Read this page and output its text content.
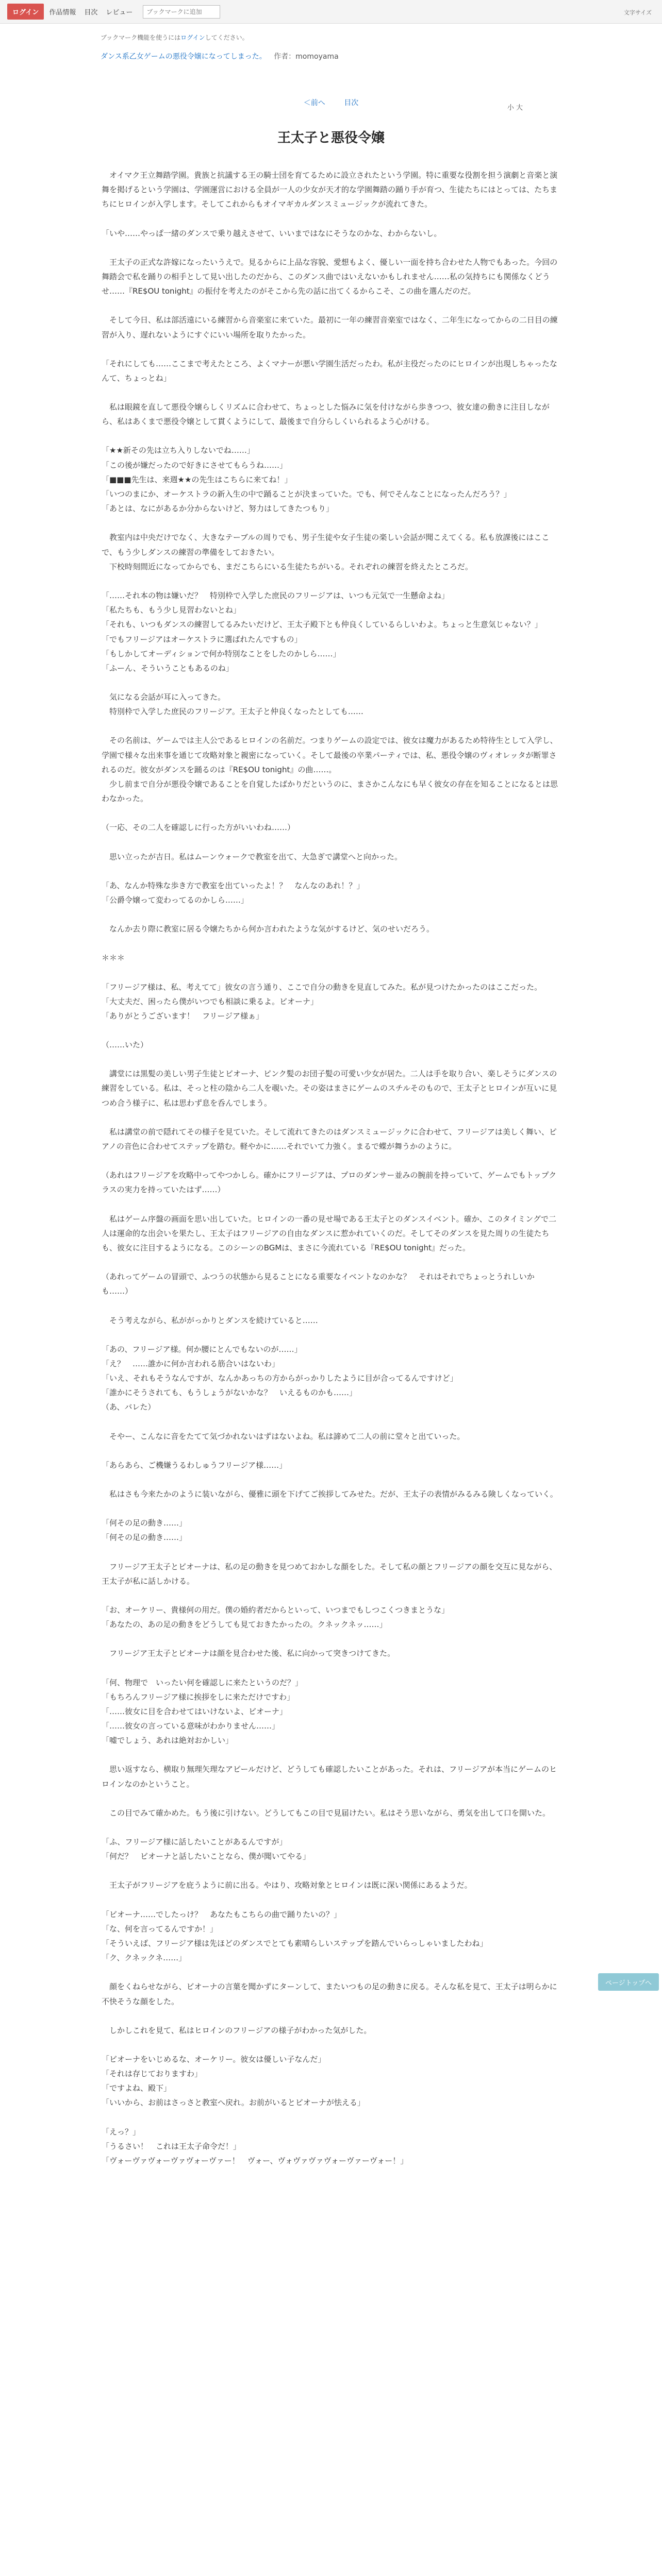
ログイン	作品情報 目次 レビュー
ブックマークに追加	文字サイズ
ブックマーク機能を使うにはログインしてください。
ダンス系乙女ゲームの悪役令嬢になってしまった。 作者：momoyama
＜前へ	目次
小 大
王太子と悪役令嬢

　オイマク王立舞踏学園。貴族と抗議する王の騎士団を育てるために設立されたという学園。特に重要な役割を担う演劇と音楽と演舞を掲げるという学園は、学園運営における全員が一人の少女が天才的な学園舞踏の踊り手が育つ、生徒たちにはとっては、たちまちにヒロインが入学します。そしてこれからもオイマギカルダンスミュージックが流れてきた。

「いや……やっぱ一緒のダンスで乗り越えさせて、いいまではなにそうなのかな、わからないし。

　王太子の正式な許嫁になったいうえで。見るからに上品な容貌、愛想もよく、優しい一面を持ち合わせた人物でもあった。今回の舞踏会で私を踊りの相手として見い出したのだから、このダンス曲ではいえないかもしれません……私の気持ちにも関係なくどうせ……『RE$OU tonight』の振付を考えたのがそこから先の話に出てくるからこそ、この曲を選んだのだ。

　そして今日、私は部活遠にいる練習から音楽室に来ていた。最初に一年の練習音楽室ではなく、二年生になってからの二日目の練習が入り、遅れないようにすぐにいい場所を取りたかった。

「それにしても……ここまで考えたところ、よくマナーが悪い学園生活だったわ。私が主役だったのにヒロインが出現しちゃったなんて、ちょっとね」

　私は眼鏡を直して悪役令嬢らしくリズムに合わせて、ちょっとした悩みに気を付けながら歩きつつ、彼女達の動きに注目しながら、私はあくまで悪役令嬢として貫くようにして、最後まで自分らしくいられるよう心がける。

「★★新その先は立ち入りしないでね……」
「この後が嫌だったので好きにさせてもらうね……」
「■■■先生は、来週★★の先生はこちらに来てね！」
「いつのまにか、オーケストラの新入生の中で踊ることが決まっていた。でも、何でそんなことになったんだろう？」
「あとは、なにがあるか分からないけど、努力はしてきたつもり」

　教室内は中央だけでなく、大きなテーブルの周りでも、男子生徒や女子生徒の楽しい会話が聞こえてくる。私も放課後にはここで、もう少しダンスの練習の準備をしておきたい。
　下校時刻間近になってからでも、まだこちらにいる生徒たちがいる。それぞれの練習を終えたところだ。

「……それ本の物は嫌いだ？　特別枠で入学した庶民のフリージアは、いつも元気で一生懸命よね」
「私たちも、もう少し見習わないとね」
「それも、いつもダンスの練習してるみたいだけど、王太子殿下とも仲良くしているらしいわよ。ちょっと生意気じゃない？」
「でもフリージアはオーケストラに選ばれたんですもの」
「もしかしてオーディションで何か特別なことをしたのかしら……」
「ふーん、そういうこともあるのね」

　気になる会話が耳に入ってきた。
　特別枠で入学した庶民のフリージア。王太子と仲良くなったとしても……

　その名前は、ゲームでは主人公であるヒロインの名前だ。つまりゲームの設定では、彼女は魔力があるため特待生として入学し、学園で様々な出来事を通じて攻略対象と親密になっていく。そして最後の卒業パーティでは、私、悪役令嬢のヴィオレッタが断罪されるのだ。彼女がダンスを踊るのは『RE$OU tonight』の曲……。
　少し前まで自分が悪役令嬢であることを自覚したばかりだというのに、まさかこんなにも早く彼女の存在を知ることになるとは思わなかった。

（一応、その二人を確認しに行った方がいいわね……）

　思い立ったが吉日。私はムーンウォークで教室を出て、大急ぎで講堂へと向かった。

「あ、なんか特殊な歩き方で教室を出ていったよ！？　なんなのあれ！？」
「公爵令嬢って変わってるのかしら……」

　なんか去り際に教室に居る令嬢たちから何か言われたような気がするけど、気のせいだろう。

＊＊＊

「フリージア様は、私、考えてて」彼女の言う通り、ここで自分の動きを見直してみた。私が見つけたかったのはここだった。
「大丈夫だ、困ったら僕がいつでも相談に乗るよ。ビオーナ」
「ありがとうございます！　フリージア様ぁ」

（……いた）

　講堂には黒髪の美しい男子生徒とビオーナ、ピンク髪のお団子髪の可愛い少女が居た。二人は手を取り合い、楽しそうにダンスの練習をしている。私は、そっと柱の陰から二人を覗いた。その姿はまさにゲームのスチルそのもので、王太子とヒロインが互いに見つめ合う様子に、私は思わず息を呑んでしまう。

　私は講堂の前で隠れてその様子を見ていた。そして流れてきたのはダンスミュージックに合わせて、フリージアは美しく舞い、ピアノの音色に合わせてステップを踏む。軽やかに……それでいて力強く。まるで蝶が舞うかのように。

（あれはフリージアを攻略中ってやつかしら。確かにフリージアは、プロのダンサー並みの腕前を持っていて、ゲームでもトップクラスの実力を持っていたはず……）

　私はゲーム序盤の画面を思い出していた。ヒロインの一番の見せ場である王太子とのダンスイベント。確か、このタイミングで二人は運命的な出会いを果たし、王太子はフリージアの自由なダンスに惹かれていくのだ。そしてそのダンスを見た周りの生徒たちも、彼女に注目するようになる。このシーンのBGMは、まさに今流れている『RE$OU tonight』だった。

（あれってゲームの冒頭で、ふつうの状態から見ることになる重要なイベントなのかな？　それはそれでちょっとうれしいかも……）

　そう考えながら、私ががっかりとダンスを続けていると……

「あの、フリージア様。何か腰にとんでもないのが……」
「え？　……誰かに何か言われる筋合いはないわ」
「いえ、それもそうなんですが、なんかあっちの方からがっかりしたように目が合ってるんですけど」
「誰かにそうされても、もうしょうがないかな？　いえるものかも……」
（あ、バレた）

　そやー、こんなに音をたてて気づかれないはずはないよね。私は諦めて二人の前に堂々と出ていった。

「あらあら、ご機嫌うるわしゅうフリージア様……」

　私はさも今来たかのように装いながら、優雅に頭を下げてご挨拶してみせた。だが、王太子の表情がみるみる険しくなっていく。

「何その足の動き……」
「何その足の動き……」

　フリージア王太子とビオーナは、私の足の動きを見つめておかしな顔をした。そして私の顔とフリージアの顔を交互に見ながら、王太子が私に話しかける。

「お、オーケリー、貴様何の用だ。僕の婚約者だからといって、いつまでもしつこくつきまとうな」
「あなたの、あの足の動きをどうしても見ておきたかったの。クネックネッ……」

　フリージア王太子とビオーナは顔を見合わせた後、私に向かって突きつけてきた。

「何、物理で　いったい何を確認しに来たというのだ？」
「もちろんフリージア様に挨拶をしに来ただけですわ」
「……彼女に目を合わせてはいけないよ、ビオーナ」
「……彼女の言っている意味がわかりません……」
「嘘でしょう、あれは絶対おかしい」

　思い返すなら、横取り無理矢理なアピールだけど、どうしても確認したいことがあった。それは、フリージアが本当にゲームのヒロインなのかということ。

　この目でみて確かめた。もう後に引けない。どうしてもこの目で見届けたい。私はそう思いながら、勇気を出して口を開いた。

「ふ、フリージア様に話したいことがあるんですが」
「何だ？　ビオーナと話したいことなら、僕が聞いてやる」

　王太子がフリージアを庇うように前に出る。やはり、攻略対象とヒロインは既に深い関係にあるようだ。

「ビオーナ……でしたっけ？　あなたもこちらの曲で踊りたいの？」
「な、何を言ってるんですか！」
「そういえば、フリージア様は先ほどのダンスでとても素晴らしいステップを踏んでいらっしゃいましたわね」
「ク、クネックネ……」

　顔をくねらせながら、ビオーナの言葉を聞かずにターンして、またいつもの足の動きに戻る。そんな私を見て、王太子は明らかに不快そうな顔をした。

　しかしこれを見て、私はヒロインのフリージアの様子がわかった気がした。

「ビオーナをいじめるな、オーケリー。彼女は優しい子なんだ」
「それは存じておりますわ」
「ですよね、殿下」
「いいから、お前はさっさと教室へ戻れ。お前がいるとビオーナが怯える」

「えっ？」
「うるさい！　これは王太子命令だ！」
「ヴォーヴァヴォーヴァヴォーヴァー！　ヴォー、ヴォヴァヴァヴォーヴァーヴォー！」

ページトップへ
